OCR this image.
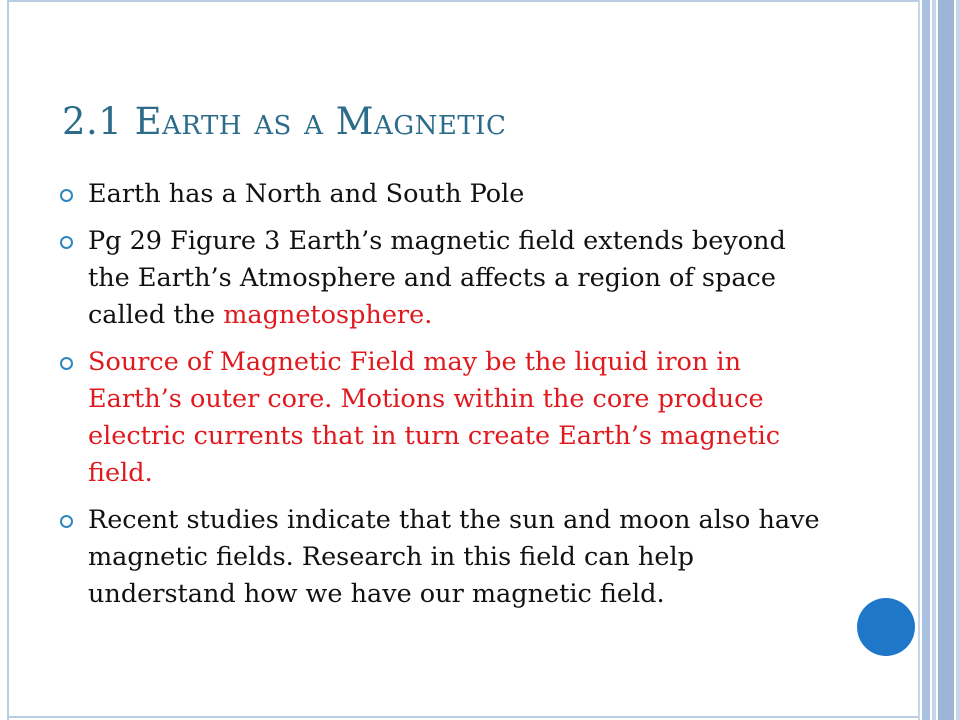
2.1 Earth as a Magnetic
Earth has a North and South Pole
Pg 29 Figure 3 Earth’s magnetic field extends beyond the Earth’s Atmosphere and affects a region of space called the magnetosphere.
Source of Magnetic Field may be the liquid iron in Earth’s outer core. Motions within the core produce electric currents that in turn create Earth’s magnetic field.
Recent studies indicate that the sun and moon also have magnetic fields. Research in this field can help understand how we have our magnetic field.
